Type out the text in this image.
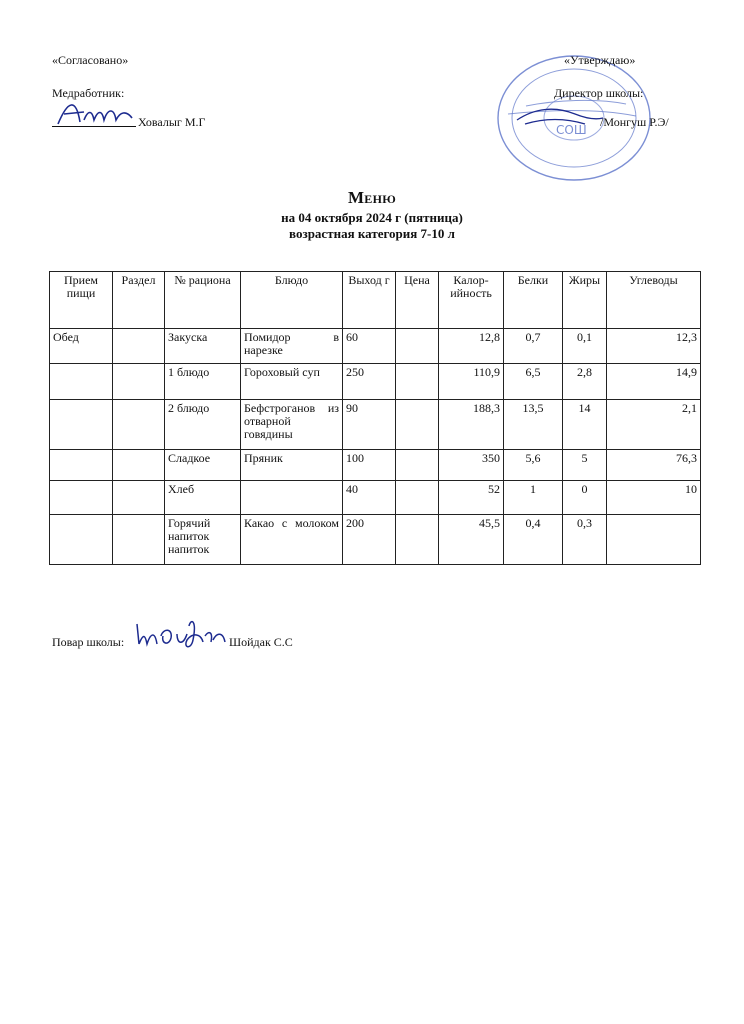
«Согласовано»
Медработник:
Ховалыг М.Г
СОШ
«Утверждаю»
Директор школы:
/Монгуш Р.Э/
Меню
на 04 октября 2024 г (пятница)
возрастная категория 7-10 л
Прием пищи	Раздел	№ рациона	Блюдо	Выход г	Цена	Калор-ийность	Белки	Жиры	Углеводы
Обед		Закуска	Помидор в нарезке	60		12,8	0,7	0,1	12,3
		1 блюдо	Гороховый суп	250		110,9	6,5	2,8	14,9
		2 блюдо	Бефстроганов из отварной говядины	90		188,3	13,5	14	2,1
		Сладкое	Пряник	100		350	5,6	5	76,3
		Хлеб		40		52	1	0	10
		Горячий напиток напиток	Какао с молоком	200		45,5	0,4	0,3	
Повар школы:	Шойдак С.С
